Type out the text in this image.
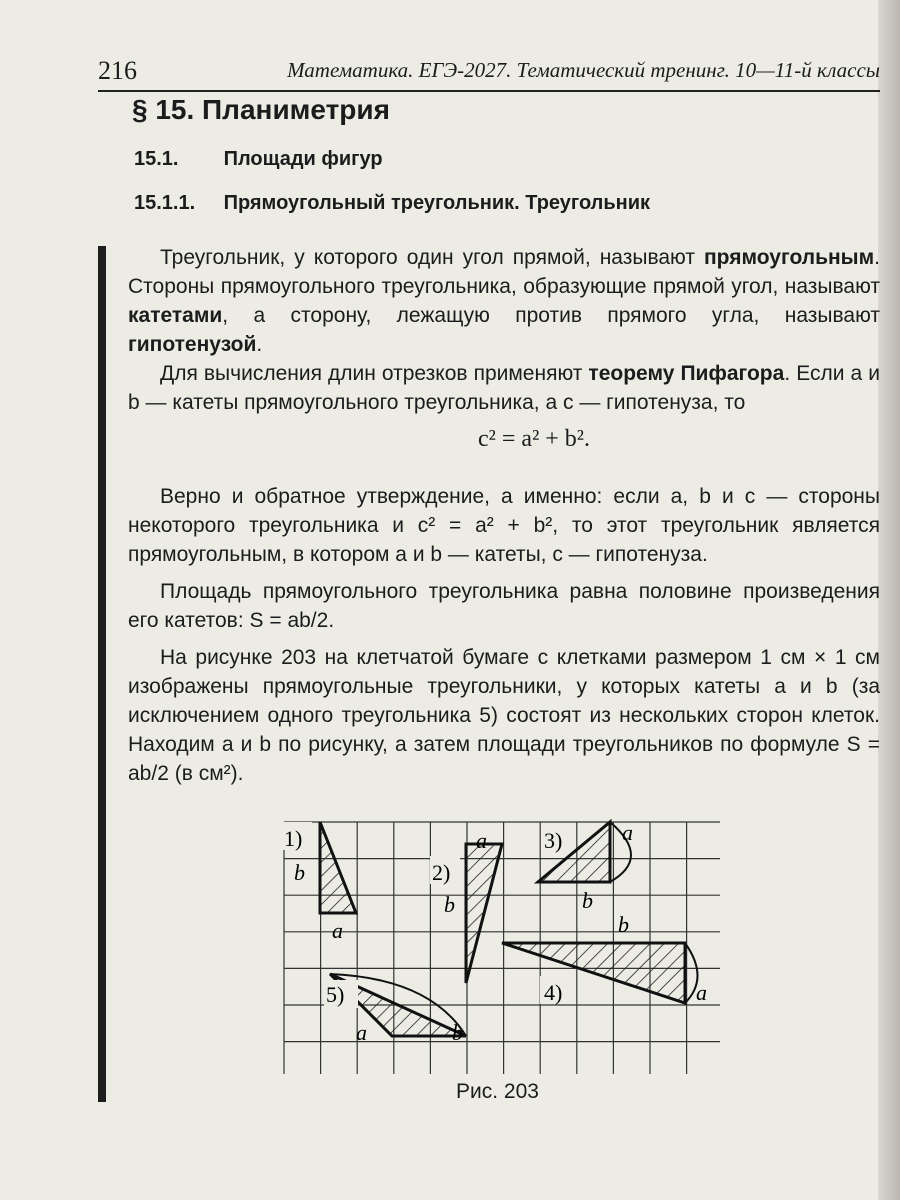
216	Математика. ЕГЭ-2027. Тематический тренинг. 10—11-й классы
§ 15. Планиметрия
15.1. Площади фигур
15.1.1. Прямоугольный треугольник. Треугольник

Треугольник, у которого один угол прямой, называют прямоугольным. Стороны прямоугольного треугольника, образующие прямой угол, называют катетами, а сторону, лежащую против прямого угла, называют гипотенузой.

Для вычисления длин отрезков применяют теорему Пифагора. Если a и b — катеты прямоугольного треугольника, а c — гипотенуза, то

c² = a² + b².

Верно и обратное утверждение, а именно: если a, b и c — стороны некоторого треугольника и c² = a² + b², то этот треугольник является прямоугольным, в котором a и b — катеты, c — гипотенуза.

Площадь прямоугольного треугольника равна половине произведения его катетов: S = ab/2.

На рисунке 203 на клетчатой бумаге с клетками размером 1 см × 1 см изображены прямоугольные треугольники, у которых катеты a и b (за исключением одного треугольника 5) состоят из нескольких сторон клеток. Находим a и b по рисунку, а затем площади треугольников по формуле S = ab/2 (в см²).

1)
b
a
2)
a
b
3)	a
b
b
4)	a
5)
a	b
Рис. 203
